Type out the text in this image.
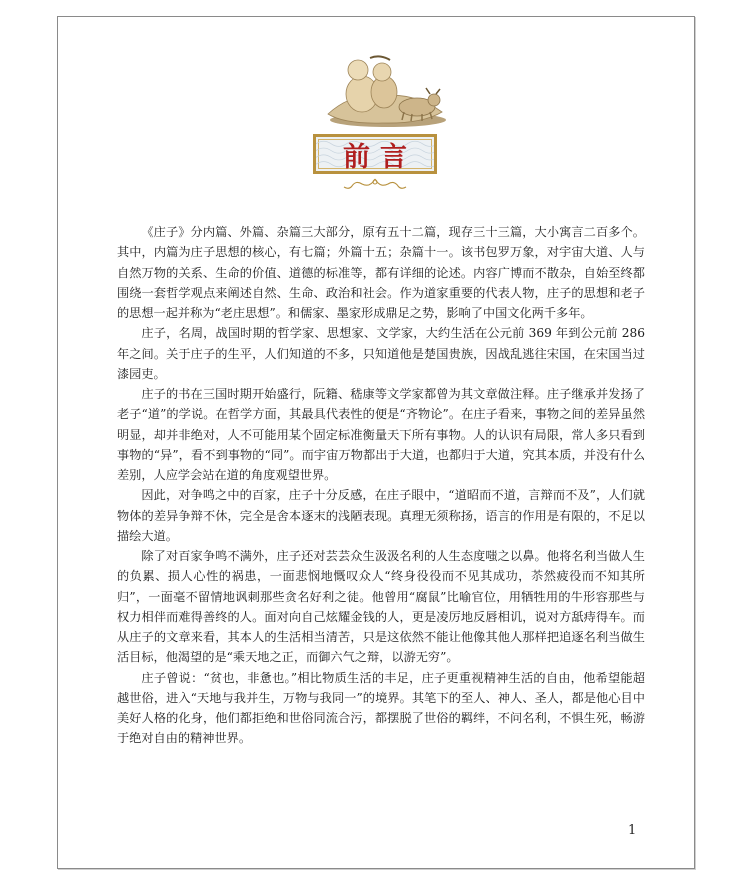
前言

《庄子》分内篇、外篇、杂篇三大部分，原有五十二篇，现存三十三篇，大小寓言二百多个。其中，内篇为庄子思想的核心，有七篇；外篇十五；杂篇十一。该书包罗万象，对宇宙大道、人与自然万物的关系、生命的价值、道德的标准等，都有详细的论述。内容广博而不散杂，自始至终都围绕一套哲学观点来阐述自然、生命、政治和社会。作为道家重要的代表人物，庄子的思想和老子的思想一起并称为“老庄思想”。和儒家、墨家形成鼎足之势，影响了中国文化两千多年。

庄子，名周，战国时期的哲学家、思想家、文学家，大约生活在公元前 369 年到公元前 286 年之间。关于庄子的生平，人们知道的不多，只知道他是楚国贵族，因战乱逃往宋国，在宋国当过漆园吏。

庄子的书在三国时期开始盛行，阮籍、嵇康等文学家都曾为其文章做注释。庄子继承并发扬了老子“道”的学说。在哲学方面，其最具代表性的便是“齐物论”。在庄子看来，事物之间的差异虽然明显，却并非绝对，人不可能用某个固定标准衡量天下所有事物。人的认识有局限，常人多只看到事物的“异”，看不到事物的“同”。而宇宙万物都出于大道，也都归于大道，究其本质，并没有什么差别，人应学会站在道的角度观望世界。

因此，对争鸣之中的百家，庄子十分反感，在庄子眼中，“道昭而不道，言辩而不及”，人们就物体的差异争辩不休，完全是舍本逐末的浅陋表现。真理无须称扬，语言的作用是有限的，不足以描绘大道。

除了对百家争鸣不满外，庄子还对芸芸众生汲汲名利的人生态度嗤之以鼻。他将名利当做人生的负累、损人心性的祸患，一面悲悯地慨叹众人“终身役役而不见其成功，苶然疲役而不知其所归”，一面毫不留情地讽刺那些贪名好利之徒。他曾用“腐鼠”比喻官位，用牺牲用的牛形容那些与权力相伴而难得善终的人。面对向自己炫耀金钱的人，更是凌厉地反唇相讥，说对方舐痔得车。而从庄子的文章来看，其本人的生活相当清苦，只是这依然不能让他像其他人那样把追逐名利当做生活目标，他渴望的是“乘天地之正，而御六气之辩，以游无穷”。

庄子曾说：“贫也，非惫也。”相比物质生活的丰足，庄子更重视精神生活的自由，他希望能超越世俗，进入“天地与我并生，万物与我同一”的境界。其笔下的至人、神人、圣人，都是他心目中美好人格的化身，他们都拒绝和世俗同流合污，都摆脱了世俗的羁绊，不问名利，不惧生死，畅游于绝对自由的精神世界。

1
